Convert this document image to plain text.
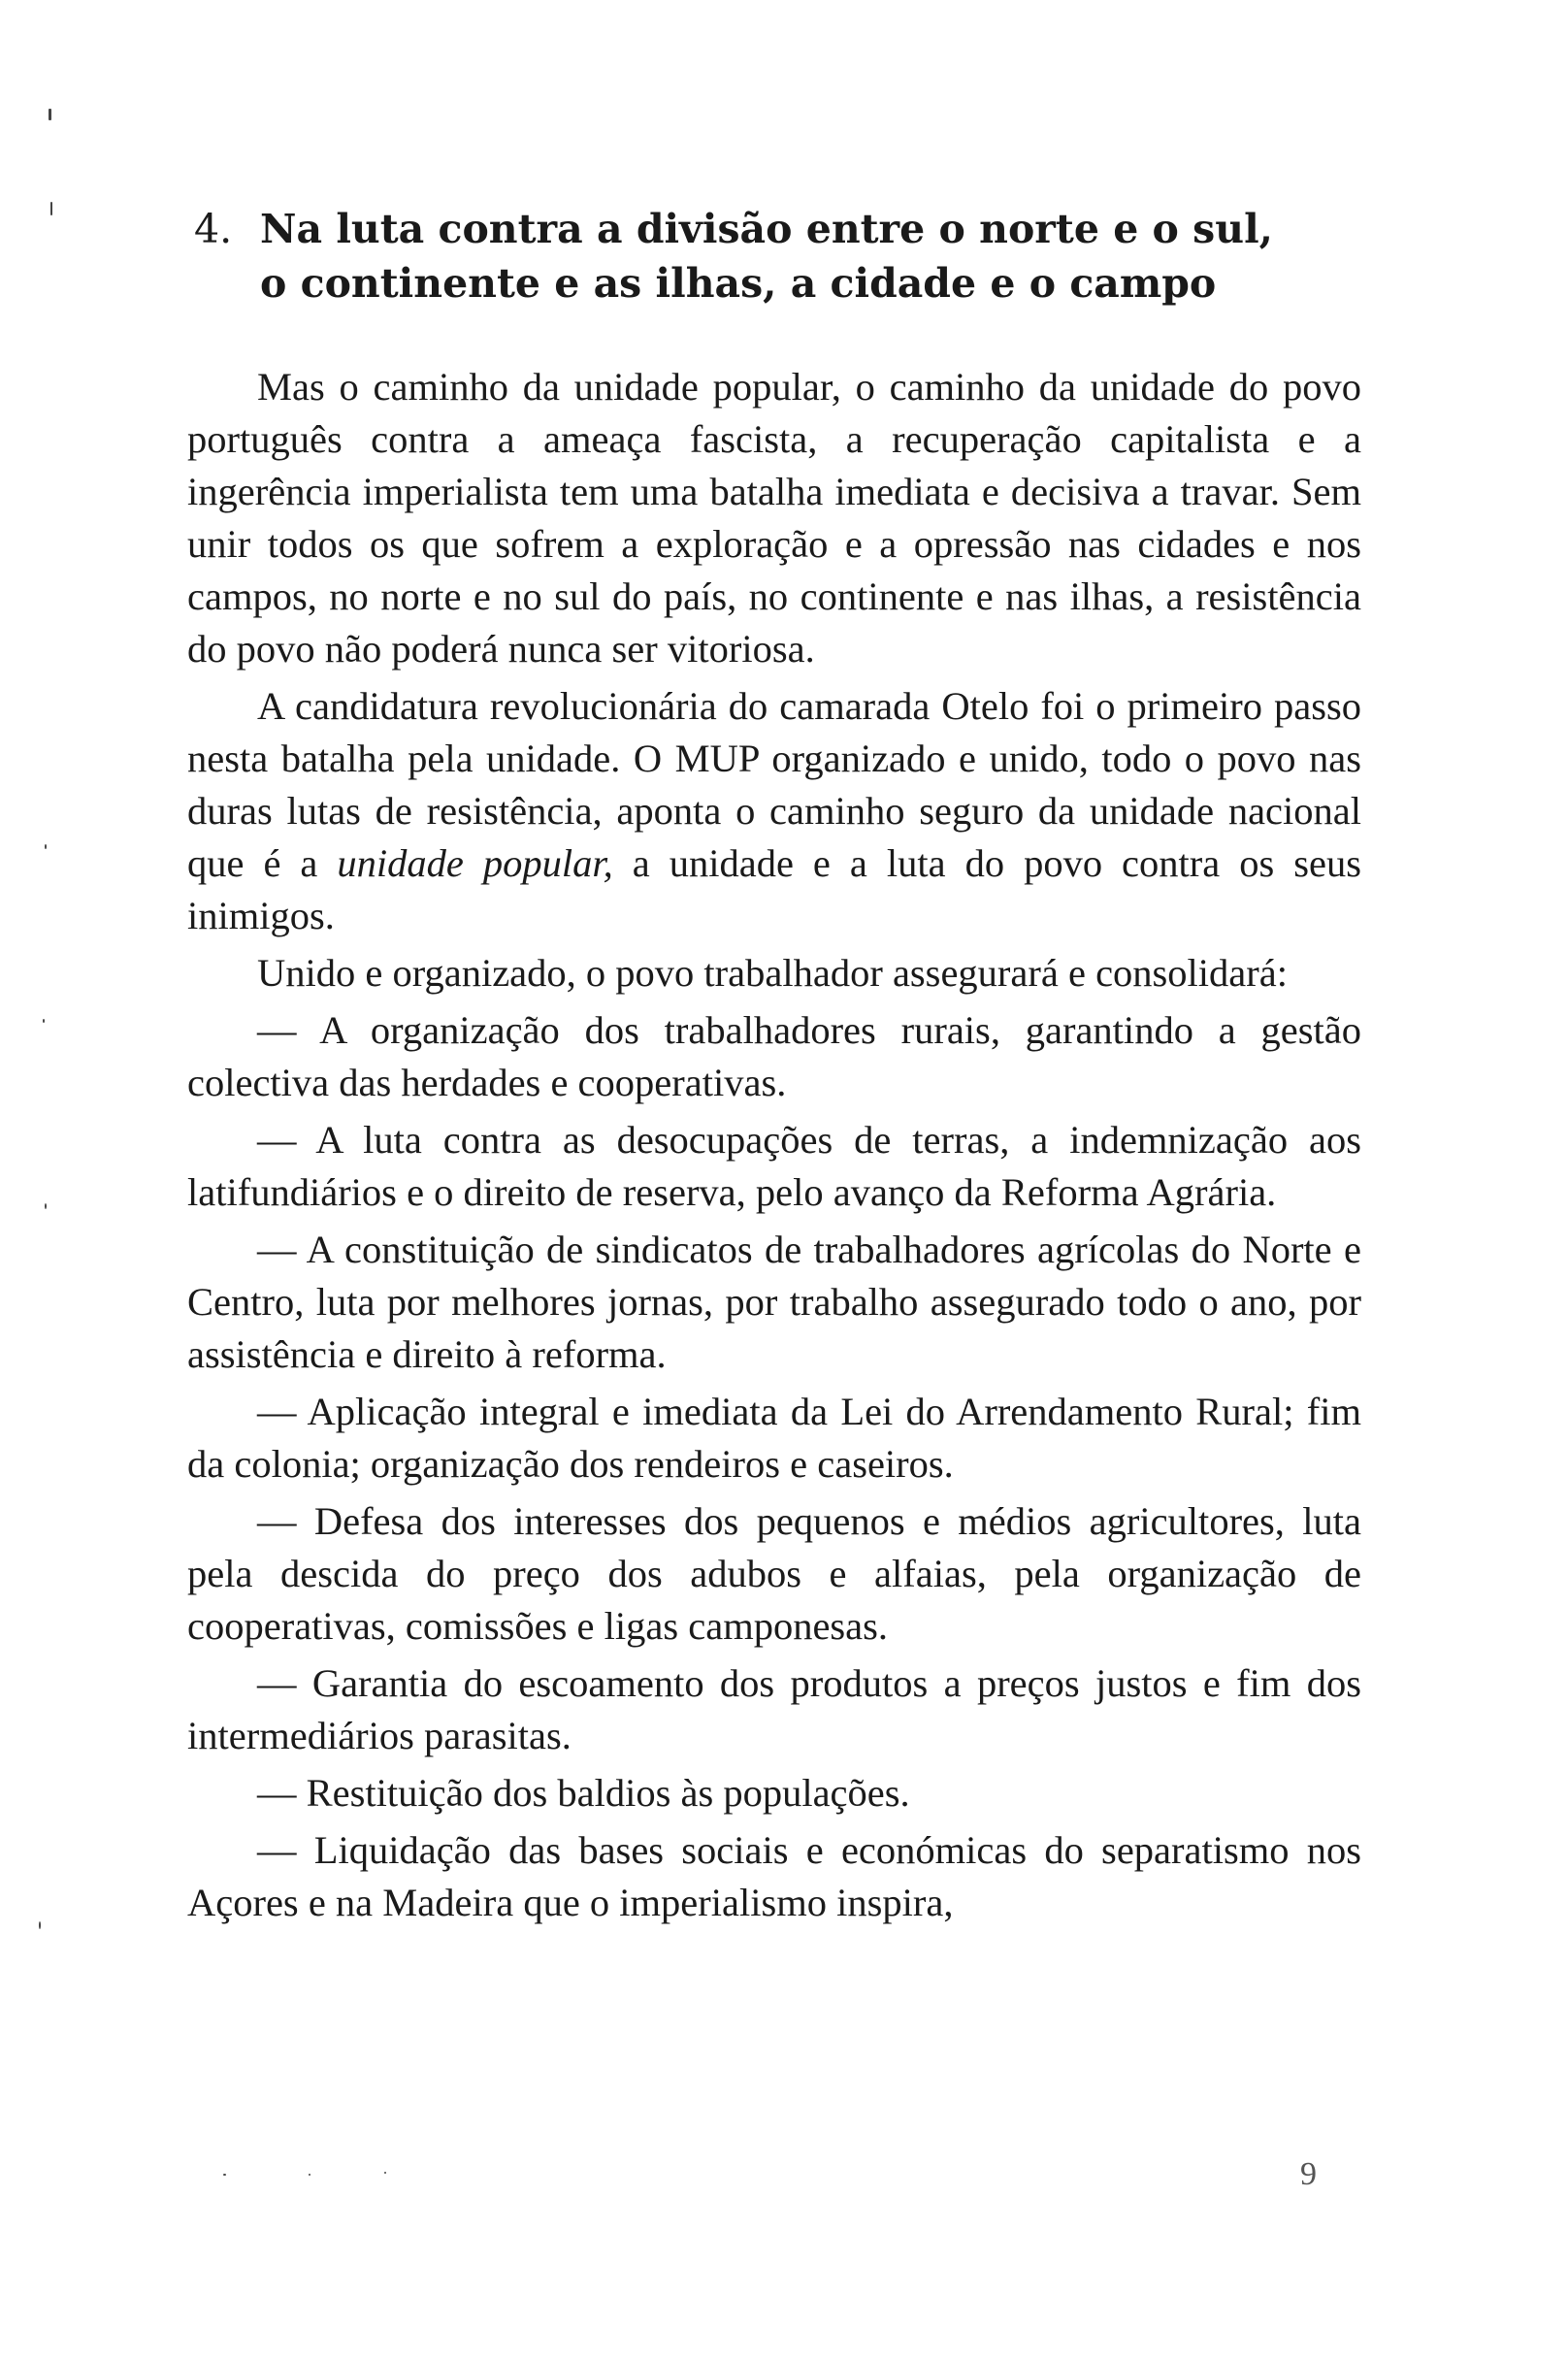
4. Na luta contra a divisão entre o norte e o sul,
o continente e as ilhas, a cidade e o campo

Mas o caminho da unidade popular, o caminho da unidade do povo português contra a ameaça fascista, a recuperação capitalista e a ingerência imperialista tem uma batalha imediata e decisiva a travar. Sem unir todos os que sofrem a exploração e a opressão nas cidades e nos campos, no norte e no sul do país, no continente e nas ilhas, a resistência do povo não poderá nunca ser vitoriosa.

A candidatura revolucionária do camarada Otelo foi o primeiro passo nesta batalha pela unidade. O MUP organizado e unido, todo o povo nas duras lutas de resistência, aponta o caminho seguro da unidade nacional que é a unidade popular, a unidade e a luta do povo contra os seus inimigos.

Unido e organizado, o povo trabalhador assegurará e consolidará:

— A organização dos trabalhadores rurais, garantindo a gestão colectiva das herdades e cooperativas.

— A luta contra as desocupações de terras, a indemnização aos latifundiários e o direito de reserva, pelo avanço da Reforma Agrária.

— A constituição de sindicatos de trabalhadores agrícolas do Norte e Centro, luta por melhores jornas, por trabalho assegurado todo o ano, por assistência e direito à reforma.

— Aplicação integral e imediata da Lei do Arrendamento Rural; fim da colonia; organização dos rendeiros e caseiros.

— Defesa dos interesses dos pequenos e médios agricultores, luta pela descida do preço dos adubos e alfaias, pela organização de cooperativas, comissões e ligas camponesas.

— Garantia do escoamento dos produtos a preços justos e fim dos intermediários parasitas.

— Restituição dos baldios às populações.

— Liquidação das bases sociais e económicas do separatismo nos Açores e na Madeira que o imperialismo inspira,

9
